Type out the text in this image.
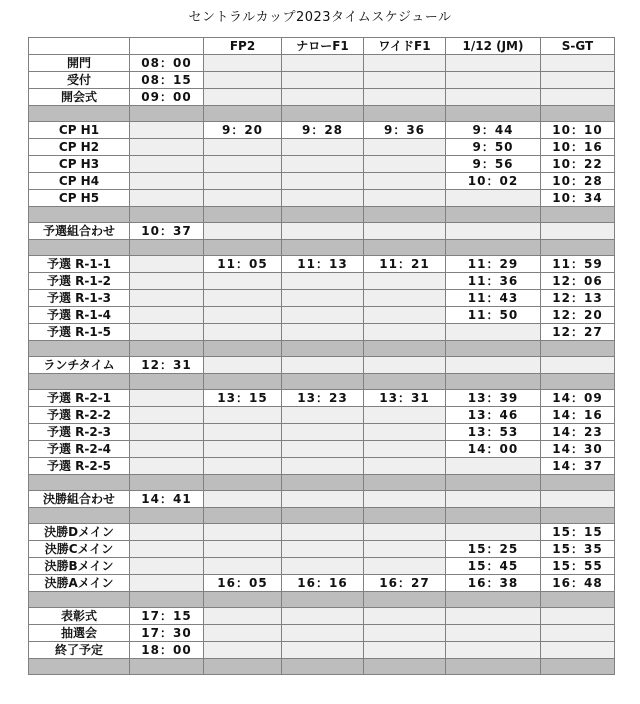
セントラルカップ2023タイムスケジュール
		FP2	ナローF1	ワイドF1	1/12 (JM)	S-GT
開門	08：00					
受付	08：15					
開会式	09：00					

CP H1		9：20	9：28	9：36	9：44	10：10
CP H2					9：50	10：16
CP H3					9：56	10：22
CP H4					10：02	10：28
CP H5						10：34

予選組合わせ	10：37					

予選 R-1-1		11：05	11：13	11：21	11：29	11：59
予選 R-1-2					11：36	12：06
予選 R-1-3					11：43	12：13
予選 R-1-4					11：50	12：20
予選 R-1-5						12：27

ランチタイム	12：31					

予選 R-2-1		13：15	13：23	13：31	13：39	14：09
予選 R-2-2					13：46	14：16
予選 R-2-3					13：53	14：23
予選 R-2-4					14：00	14：30
予選 R-2-5						14：37

決勝組合わせ	14：41					

決勝Dメイン						15：15
決勝Cメイン					15：25	15：35
決勝Bメイン					15：45	15：55
決勝Aメイン		16：05	16：16	16：27	16：38	16：48

表彰式	17：15					
抽選会	17：30					
終了予定	18：00					
